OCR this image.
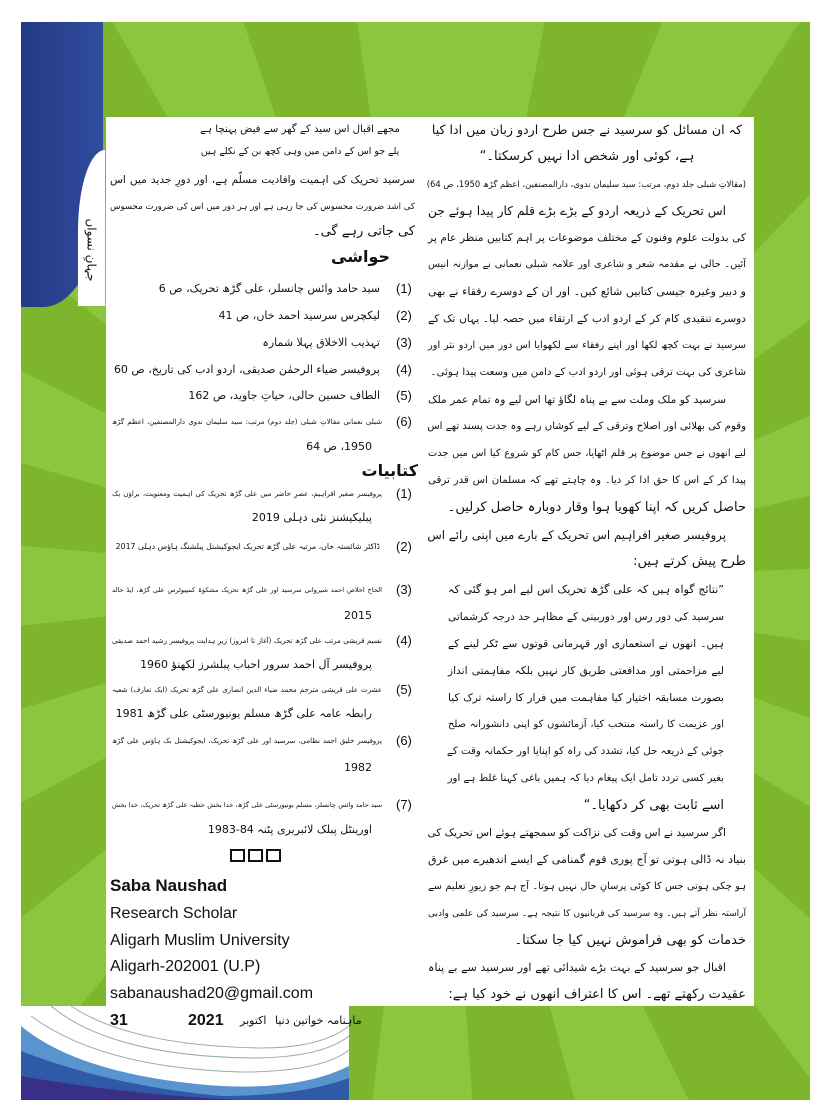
جہانِ نسواں
کہ ان مسائل کو سرسید نے جس طرح اردو زبان میں ادا کیا
ہے، کوئی اور شخص ادا نہیں کرسکتا۔“
(مقالاتِ شبلی جلد دوم، مرتب: سید سلیمان ندوی، دارالمصنفین، اعظم گڑھ 1950، ص 64)
اس تحریک کے ذریعہ اردو کے بڑے بڑے قلم کار پیدا ہوئے جن
کی بدولت علوم وفنون کے مختلف موضوعات پر اہم کتابیں منظر عام پر
آئیں۔ حالی نے مقدمہ شعر و شاعری اور علامہ شبلی نعمانی نے موازنہ انیس
و دبیر وغیرہ جیسی کتابیں شائع کیں۔ اور ان کے دوسرے رفقاء نے بھی
دوسرے تنقیدی کام کر کے اردو ادب کے ارتقاء میں حصہ لیا۔ یہاں تک کے
سرسید نے بہت کچھ لکھا اور اپنے رفقاء سے لکھوایا اس دور میں اردو نثر اور
شاعری کی بہت ترقی ہوئی اور اردو ادب کے دامن میں وسعت پیدا ہوئی۔
سرسید کو ملک وملت سے بے پناہ لگاؤ تھا اس لیے وہ تمام عمر ملک
وقوم کی بھلائی اور اصلاح وترقی کے لیے کوشاں رہے وہ جدت پسند تھے اس
لیے انھوں نے جس موضوع پر قلم اٹھایا، جس کام کو شروع کیا اس میں جدت
پیدا کر کے اس کا حق ادا کر دیا۔ وہ چاہتے تھے کہ مسلمان اس قدر ترقی
حاصل کریں کہ اپنا کھویا ہوا وقار دوبارہ حاصل کرلیں۔
پروفیسر صغیر افراہیم اس تحریک کے بارے میں اپنی رائے اس
طرح پیش کرتے ہیں:
”نتائج گواہ ہیں کہ علی گڑھ تحریک اس لیے امر ہو گئی کہ
سرسید کی دور رس اور دوربینی کے مظاہر حد درجہ کرشماتی
ہیں۔ انھوں نے استعماری اور قہرمانی قوتوں سے ٹکر لینے کے
لیے مزاحمتی اور مدافعتی طریق کار نہیں بلکہ مفاہمتی انداز
بصورت مسابقہ اختیار کیا مفاہمت میں فرار کا راستہ ترک کیا
اور عزیمت کا راستہ منتخب کیا، آزمائشوں کو اپنی دانشورانہ صلح
جوئی کے ذریعہ حل کیا، تشدد کی راہ کو اپنایا اور حکمانہ وقت کے
بغیر کسی تردد تامل ایک پیغام دیا کہ ہمیں باغی کہنا غلط ہے اور
اسے ثابت بھی کر دکھایا۔“
اگر سرسید نے اس وقت کی نزاکت کو سمجھتے ہوئے اس تحریک کی
بنیاد نہ ڈالی ہوتی تو آج پوری قوم گمنامی کے ایسے اندھیرے میں غرق
ہو چکی ہوتی جس کا کوئی پرسانِ حال نہیں ہوتا۔ آج ہم جو زیورِ تعلیم سے
آراستہ نظر آتے ہیں۔ وہ سرسید کی قربانیوں کا نتیجہ ہے۔ سرسید کی علمی وادبی
خدمات کو بھی فراموش نہیں کیا جا سکتا۔
اقبال جو سرسید کے بہت بڑے شیدائی تھے اور سرسید سے بے پناہ
عقیدت رکھتے تھے۔ اس کا اعتراف انھوں نے خود کیا ہے:
مجھے اقبال اس سید کے گھر سے فیض پہنچا ہے
پلے جو اس کے دامن میں وہی کچھ بن کے نکلے ہیں
سرسید تحریک کی اہمیت وافادیت مسلّم ہے، اور دورِ جدید میں اس
کی اشد ضرورت محسوس کی جا رہی ہے اور ہر دور میں اس کی ضرورت محسوس
کی جاتی رہے گی۔
حواشی
(1)
سید حامد وائس چانسلر، علی گڑھ تحریک، ص 6
(2)
لیکچرس سرسید احمد خاں، ص 41
(3)
تہذیب الاخلاق پہلا شمارہ
(4)
پروفیسر ضیاء الرحمٰن صدیقی، اردو ادب کی تاریخ، ص 60
(5)
الطاف حسین حالی، حیاتِ جاوید، ص 162
(6)
شبلی نعمانی مقالاتِ شبلی (جلد دوم) مرتب: سید سلیمان ندوی دارالمصنفین، اعظم گڑھ
1950، ص 64
کتابیات
(1)
پروفیسر صغیر افراہیم، عصرِ حاضر میں علی گڑھ تحریک کی اہمیت ومعنویت، براؤن بک
پبلیکیشنز نئی دہلی 2019
(2)
ڈاکٹر شائستہ خاں، مرتبہ علی گڑھ تحریک ایجوکیشنل پبلشنگ ہاؤس دہلی 2017
(3)
الحاج اخلاص احمد شیروانی سرسید اور علی گڑھ تحریک مشکوٰۃ کمپیوٹرس علی گڑھ، ایڈ خالد
2015
(4)
نسیم قریشی مرتب علی گڑھ تحریک (آغاز تا امروز) زیرِ ہدایت پروفیسر رشید احمد صدیقی
پروفیسر آل احمد سرور احباب پبلشرز لکھنؤ 1960
(5)
عشرت علی قریشی مترجم محمد ضیاء الدین انصاری علی گڑھ تحریک (ایک تعارف) شعبہ
رابطہ عامہ علی گڑھ مسلم یونیورسٹی علی گڑھ 1981
(6)
پروفیسر خلیق احمد نظامی، سرسید اور علی گڑھ تحریک، ایجوکیشنل بک ہاؤس علی گڑھ
1982
(7)
سید حامد وائس چانسلر، مسلم یونیورسٹی علی گڑھ، خدا بخش خطبہ علی گڑھ تحریک، خدا بخش
اورینٹل پبلک لائبریری پٹنہ 84-1983
Saba Naushad
Research Scholar
Aligarh Muslim University
Aligarh-202001 (U.P)
sabanaushad20@gmail.com
31	2021 اکتوبر ماہنامہ خواتین دنیا
